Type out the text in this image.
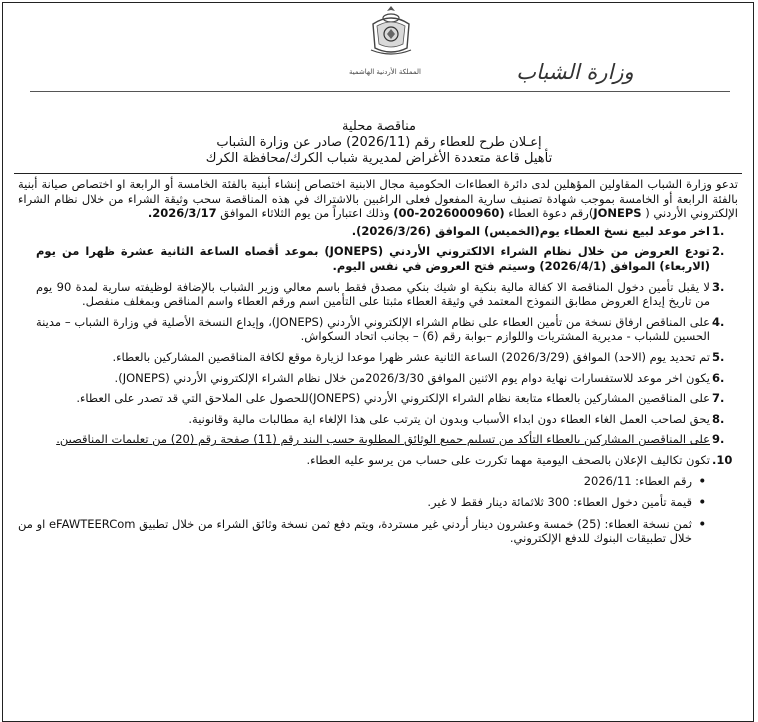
وزارة الشباب
المملكة الأردنية الهاشمية
مناقصة محلية
إعـلان طرح للعطاء رقم (2026/11) صادر عن وزارة الشباب
تأهيل قاعة متعددة الأغراض لمديرية شباب الكرك/محافظة الكرك

تدعو وزارة الشباب المقاولين المؤهلين لدى دائرة العطاءات الحكومية مجال الابنية اختصاص إنشاء أبنية بالفئة الخامسة أو الرابعة او اختصاص صيانة أبنية بالفئة الرابعة أو الخامسة بموجب شهادة تصنيف سارية المفعول فعلى الراغبين بالاشتراك في هذه المناقصة سحب وثيقة الشراء من خلال نظام الشراء الإلكتروني الأردني ( JONEPS)رقم دعوة العطاء (2026000960-00) وذلك اعتباراً من يوم الثلاثاء الموافق 2026/3/17.

1.
اخر موعد لبيع نسخ العطاء يوم(الخميس) الموافق (2026/3/26).
2.
تودع العروض من خلال نظام الشراء الالكتروني الأردني (JONEPS) بموعد أقصاه الساعة الثانية عشرة ظهرا من يوم (الاربعاء) الموافق (2026/4/1) وسيتم فتح العروض في نفس اليوم.
3.
لا يقبل تأمين دخول المناقصة الا كفالة مالية بنكية او شيك بنكي مصدق فقط باسم معالي وزير الشباب بالإضافة لوظيفته سارية لمدة 90 يوم من تاريخ إيداع العروض مطابق النموذج المعتمد في وثيقة العطاء مثبتا على التأمين اسم ورقم العطاء واسم المناقص وبمغلف منفصل.
4.
على المناقص ارفاق نسخة من تأمين العطاء على نظام الشراء الإلكتروني الأردني (JONEPS)، وإيداع النسخة الأصلية في وزارة الشباب – مدينة الحسين للشباب - مديرية المشتريات واللوازم –بوابة رقم (6) – بجانب اتحاد السكواش.
5.
تم تحديد يوم (الاحد) الموافق (2026/3/29) الساعة الثانية عشر ظهرا موعدا لزيارة موقع لكافة المناقصين المشاركين بالعطاء.
6.
يكون اخر موعد للاستفسارات نهاية دوام يوم الاثنين الموافق 2026/3/30من خلال نظام الشراء الإلكتروني الأردني (JONEPS).
7.
على المناقصين المشاركين بالعطاء متابعة نظام الشراء الإلكتروني الأردني (JONEPS)للحصول على الملاحق التي قد تصدر على العطاء.
8.
يحق لصاحب العمل الغاء العطاء دون ابداء الأسباب وبدون ان يترتب على هذا الإلغاء اية مطالبات مالية وقانونية.
9.
على المناقصين المشاركين بالعطاء التأكد من تسليم جميع الوثائق المطلوبة حسب البند رقم (11) صفحة رقم (20) من تعليمات المناقصين.
.10
تكون تكاليف الإعلان بالصحف اليومية مهما تكررت على حساب من يرسو عليه العطاء.
• رقم العطاء: 2026/11
• قيمة تأمين دخول العطاء: 300 ثلاثمائة دينار فقط لا غير.
• ثمن نسخة العطاء: (25) خمسة وعشرون دينار أردني غير مستردة، ويتم دفع ثمن نسخة وثائق الشراء من خلال تطبيق eFAWTEERCom او من خلال تطبيقات البنوك للدفع الإلكتروني.
